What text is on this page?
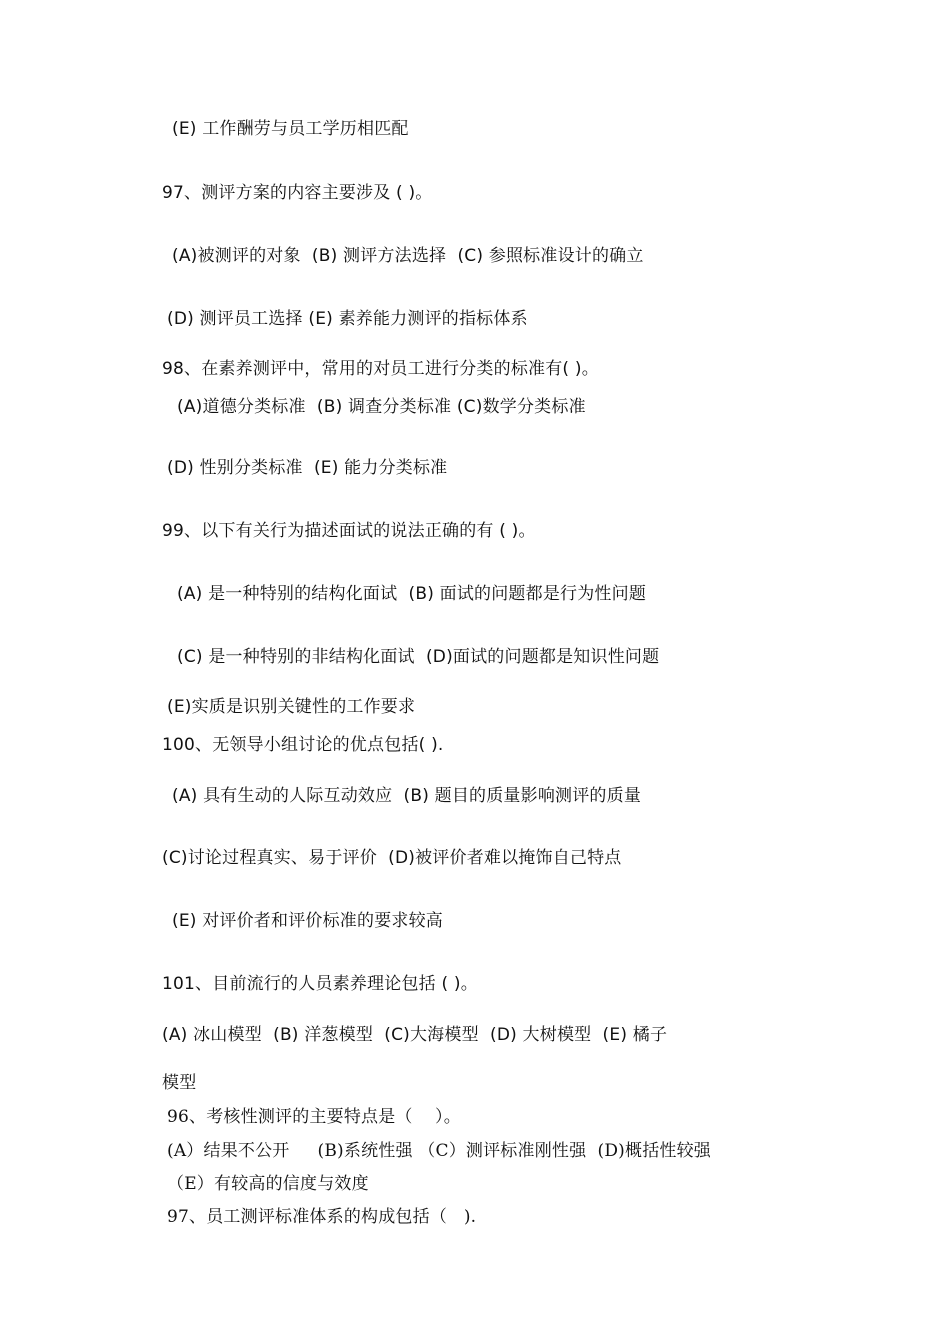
(E) 工作酬劳与员工学历相匹配
97、测评方案的内容主要涉及 ( )。
(A)被测评的对象  (B) 测评方法选择  (C) 参照标准设计的确立
(D) 测评员工选择 (E) 素养能力测评的指标体系
98、在素养测评中，常用的对员工进行分类的标准有( )。
(A)道德分类标准  (B) 调查分类标准 (C)数学分类标准
(D) 性别分类标准  (E) 能力分类标准
99、以下有关行为描述面试的说法正确的有 ( )。
(A) 是一种特别的结构化面试  (B) 面试的问题都是行为性问题
(C) 是一种特别的非结构化面试  (D)面试的问题都是知识性问题
(E)实质是识别关键性的工作要求
100、无领导小组讨论的优点包括( ).
(A) 具有生动的人际互动效应  (B) 题目的质量影响测评的质量
(C)讨论过程真实、易于评价  (D)被评价者难以掩饰自己特点
(E) 对评价者和评价标准的要求较高
101、目前流行的人员素养理论包括 ( )。
(A) 冰山模型  (B) 洋葱模型  (C)大海模型  (D) 大树模型  (E) 橘子
模型
96、考核性测评的主要特点是（    ）。
(A）结果不公开     (B)系统性强 （C）测评标准刚性强  (D)概括性较强
（E）有较高的信度与效度
97、员工测评标准体系的构成包括（   ).
